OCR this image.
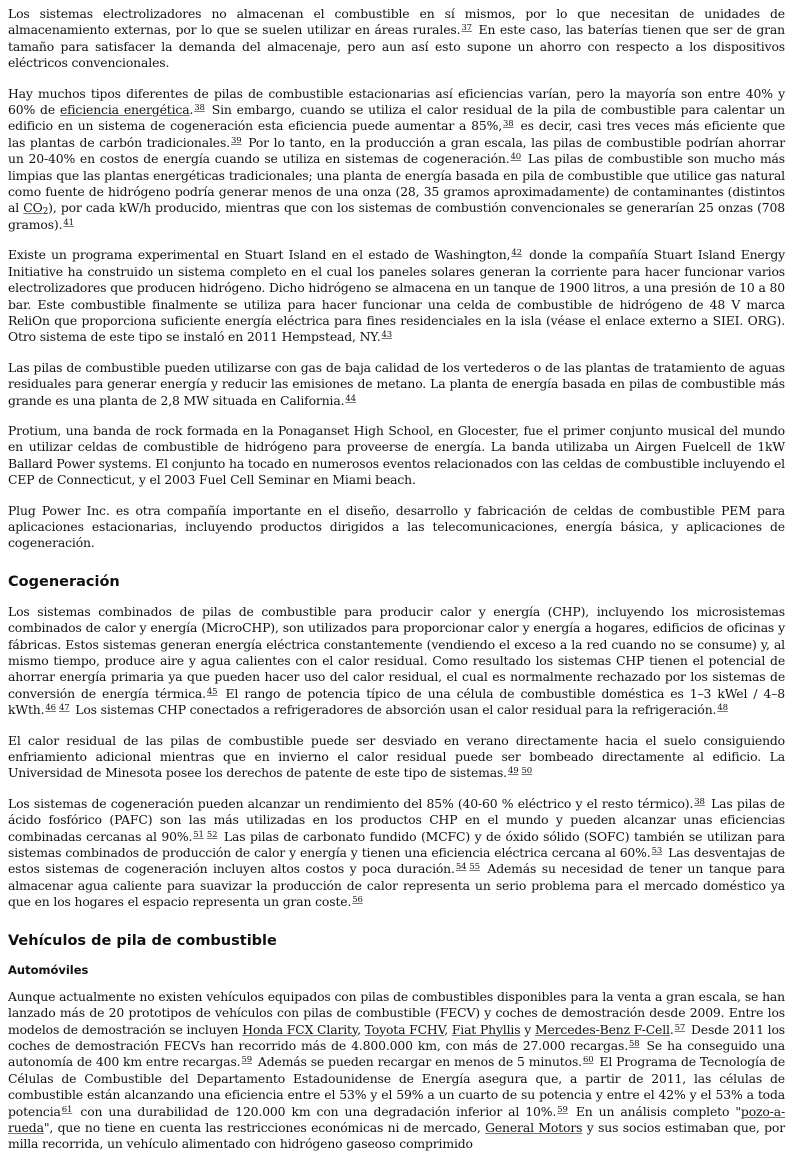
Los sistemas electrolizadores no almacenan el combustible en sí mismos, por lo que necesitan de unidades de almacenamiento externas, por lo que se suelen utilizar en áreas rurales.$^{37}$ En este caso, las baterías tienen que ser de gran tamaño para satisfacer la demanda del almacenaje, pero aun así esto supone un ahorro con respecto a los dispositivos eléctricos convencionales.

Hay muchos tipos diferentes de pilas de combustible estacionarias así eficiencias varían, pero la mayoría son entre 40% y 60% de eficiencia energética.$^{38}$ Sin embargo, cuando se utiliza el calor residual de la pila de combustible para calentar un edificio en un sistema de cogeneración esta eficiencia puede aumentar a 85%,$^{38}$ es decir, casi tres veces más eficiente que las plantas de carbón tradicionales.$^{39}$ Por lo tanto, en la producción a gran escala, las pilas de combustible podrían ahorrar un 20-40% en costos de energía cuando se utiliza en sistemas de cogeneración.$^{40}$ Las pilas de combustible son mucho más limpias que las plantas energéticas tradicionales; una planta de energía basada en pila de combustible que utilice gas natural como fuente de hidrógeno podría generar menos de una onza (28, 35 gramos aproximadamente) de contaminantes (distintos al $CO_2$), por cada kW/h producido, mientras que con los sistemas de combustión convencionales se generarían 25 onzas (708 gramos).$^{41}$

Existe un programa experimental en Stuart Island en el estado de Washington,$^{42}$ donde la compañía Stuart Island Energy Initiative ha construido un sistema completo en el cual los paneles solares generan la corriente para hacer funcionar varios electrolizadores que producen hidrógeno. Dicho hidrógeno se almacena en un tanque de 1900 litros, a una presión de 10 a 80 bar. Este combustible finalmente se utiliza para hacer funcionar una celda de combustible de hidrógeno de 48 V marca ReliOn que proporciona suficiente energía eléctrica para fines residenciales en la isla (véase el enlace externo a SIEI. ORG). Otro sistema de este tipo se instaló en 2011 Hempstead, NY.$^{43}$

Las pilas de combustible pueden utilizarse con gas de baja calidad de los vertederos o de las plantas de tratamiento de aguas residuales para generar energía y reducir las emisiones de metano. La planta de energía basada en pilas de combustible más grande es una planta de 2,8 MW situada en California.$^{44}$

Protium, una banda de rock formada en la Ponaganset High School, en Glocester, fue el primer conjunto musical del mundo en utilizar celdas de combustible de hidrógeno para proveerse de energía. La banda utilizaba un Airgen Fuelcell de 1kW Ballard Power systems. El conjunto ha tocado en numerosos eventos relacionados con las celdas de combustible incluyendo el CEP de Connecticut, y el 2003 Fuel Cell Seminar en Miami beach.

Plug Power Inc. es otra compañía importante en el diseño, desarrollo y fabricación de celdas de combustible PEM para aplicaciones estacionarias, incluyendo productos dirigidos a las telecomunicaciones, energía básica, y aplicaciones de cogeneración.

Cogeneración

Los sistemas combinados de pilas de combustible para producir calor y energía (CHP), incluyendo los microsistemas combinados de calor y energía (MicroCHP), son utilizados para proporcionar calor y energía a hogares, edificios de oficinas y fábricas. Estos sistemas generan energía eléctrica constantemente (vendiendo el exceso a la red cuando no se consume) y, al mismo tiempo, produce aire y agua calientes con el calor residual. Como resultado los sistemas CHP tienen el potencial de ahorrar energía primaria ya que pueden hacer uso del calor residual, el cual es normalmente rechazado por los sistemas de conversión de energía térmica.$^{45}$ El rango de potencia típico de una célula de combustible doméstica es 1–3 kWel / 4–8 kWth.$^{46}$ $^{47}$ Los sistemas CHP conectados a refrigeradores de absorción usan el calor residual para la refrigeración.$^{48}$

El calor residual de las pilas de combustible puede ser desviado en verano directamente hacia el suelo consiguiendo enfriamiento adicional mientras que en invierno el calor residual puede ser bombeado directamente al edificio. La Universidad de Minesota posee los derechos de patente de este tipo de sistemas.$^{49}$ $^{50}$

Los sistemas de cogeneración pueden alcanzar un rendimiento del 85% (40-60 % eléctrico y el resto térmico).$^{38}$ Las pilas de ácido fosfórico (PAFC) son las más utilizadas en los productos CHP en el mundo y pueden alcanzar unas eficiencias combinadas cercanas al 90%.$^{51}$ $^{52}$ Las pilas de carbonato fundido (MCFC) y de óxido sólido (SOFC) también se utilizan para sistemas combinados de producción de calor y energía y tienen una eficiencia eléctrica cercana al 60%.$^{53}$ Las desventajas de estos sistemas de cogeneración incluyen altos costos y poca duración.$^{54}$ $^{55}$ Además su necesidad de tener un tanque para almacenar agua caliente para suavizar la producción de calor representa un serio problema para el mercado doméstico ya que en los hogares el espacio representa un gran coste.$^{56}$

Vehículos de pila de combustible
Automóviles

Aunque actualmente no existen vehículos equipados con pilas de combustibles disponibles para la venta a gran escala, se han lanzado más de 20 prototipos de vehículos con pilas de combustible (FECV) y coches de demostración desde 2009. Entre los modelos de demostración se incluyen Honda FCX Clarity, Toyota FCHV, Fiat Phyllis y Mercedes-Benz F-Cell.$^{57}$ Desde 2011 los coches de demostración FECVs han recorrido más de 4.800.000 km, con más de 27.000 recargas.$^{58}$ Se ha conseguido una autonomía de 400 km entre recargas.$^{59}$ Además se pueden recargar en menos de 5 minutos.$^{60}$ El Programa de Tecnología de Células de Combustible del Departamento Estadounidense de Energía asegura que, a partir de 2011, las células de combustible están alcanzando una eficiencia entre el 53% y el 59% a un cuarto de su potencia y entre el 42% y el 53% a toda potencia$^{61}$ con una durabilidad de 120.000 km con una degradación inferior al 10%.$^{59}$ En un análisis completo "pozo-a-rueda", que no tiene en cuenta las restricciones económicas ni de mercado, General Motors y sus socios estimaban que, por milla recorrida, un vehículo alimentado con hidrógeno gaseoso comprimido
